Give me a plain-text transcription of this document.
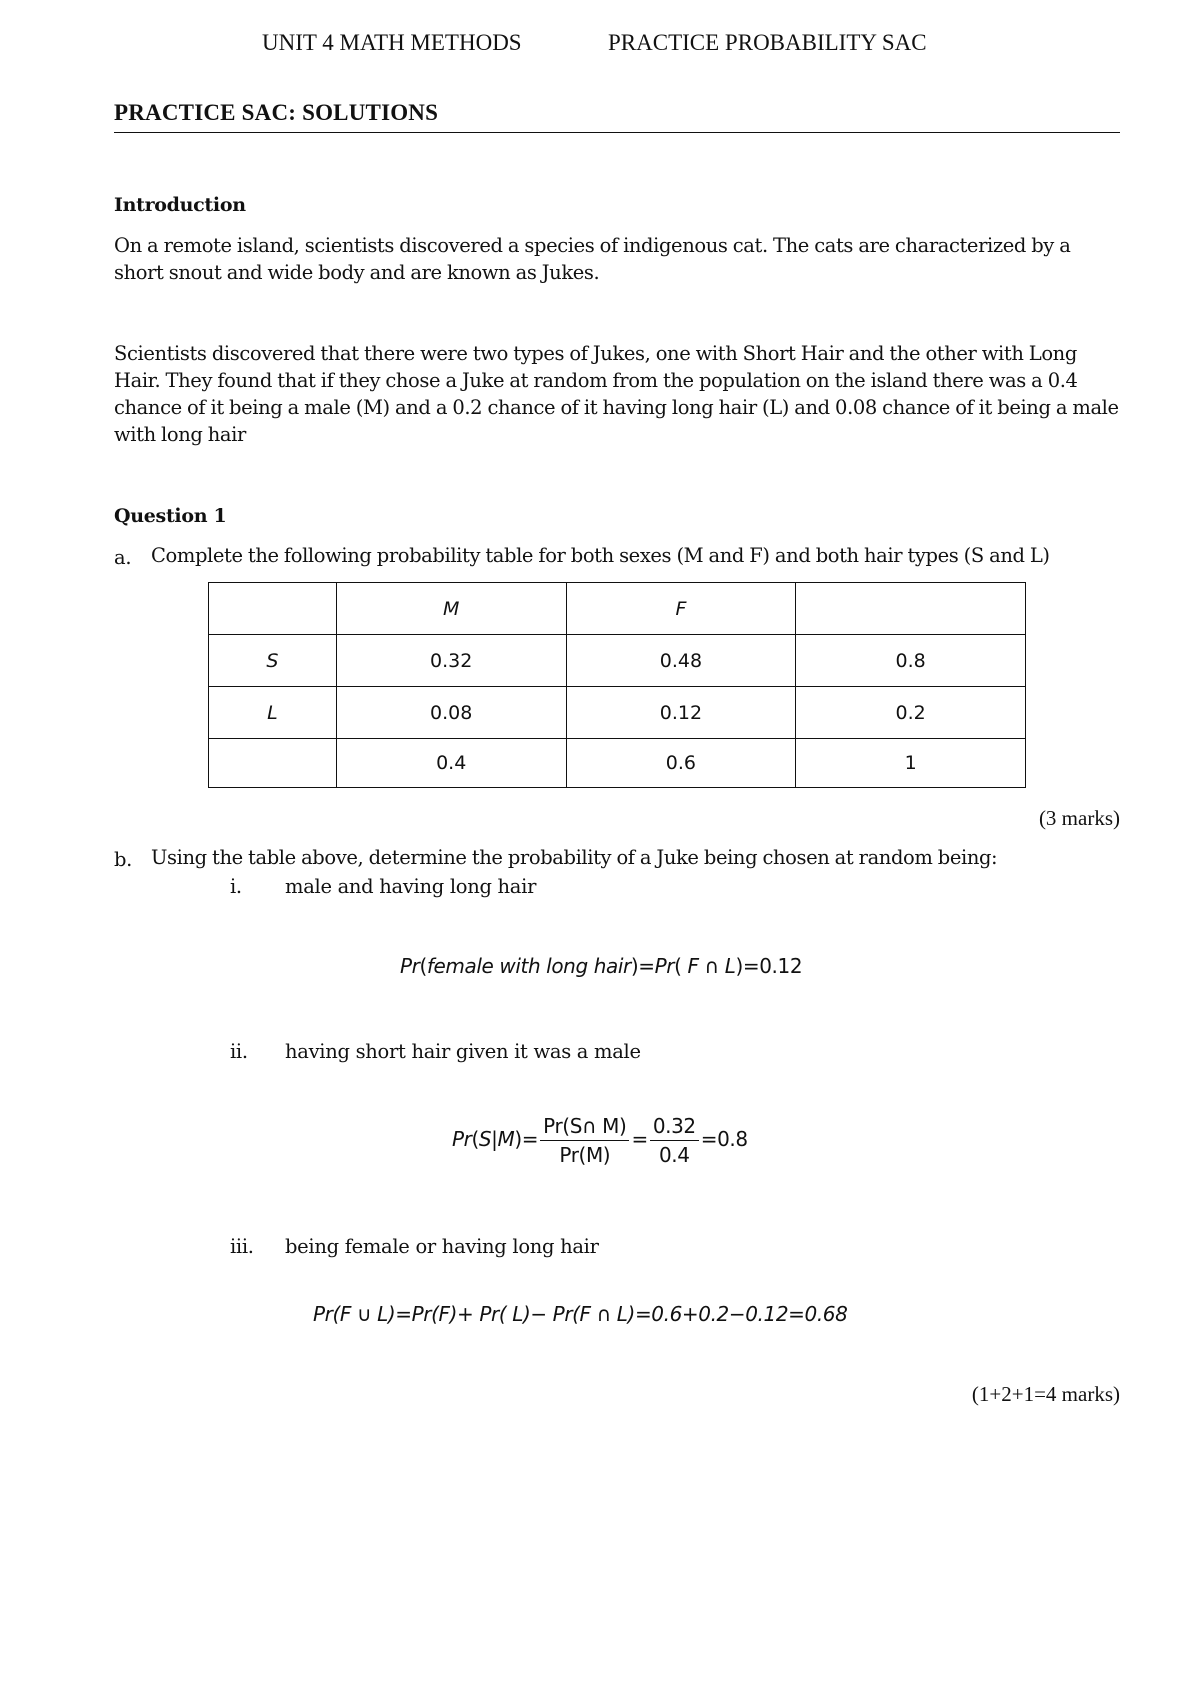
UNIT 4 MATH METHODS	PRACTICE PROBABILITY SAC
PRACTICE SAC: SOLUTIONS
Introduction
On a remote island, scientists discovered a species of indigenous cat. The cats are characterized by a short snout and wide body and are known as Jukes.
Scientists discovered that there were two types of Jukes, one with Short Hair and the other with Long Hair. They found that if they chose a Juke at random from the population on the island there was a 0.4 chance of it being a male (M) and a 0.2 chance of it having long hair (L) and 0.08 chance of it being a male with long hair
Question 1
a. Complete the following probability table for both sexes (M and F) and both hair types (S and L)
	M	F	
S	0.32	0.48	0.8
L	0.08	0.12	0.2
	0.4	0.6	1
(3 marks)
b. Using the table above, determine the probability of a Juke being chosen at random being:
i. male and having long hair
Pr(female with long hair)=Pr( F ∩ L)=0.12
ii. having short hair given it was a male
$Pr(S|M)= \frac{Pr(S\cap M)}{Pr(M)} = \frac{0.32}{0.4} =0.8$
iii. being female or having long hair
Pr(F ∪ L)=Pr(F)+ Pr( L)− Pr(F ∩ L)=0.6+0.2−0.12=0.68
(1+2+1=4 marks)
